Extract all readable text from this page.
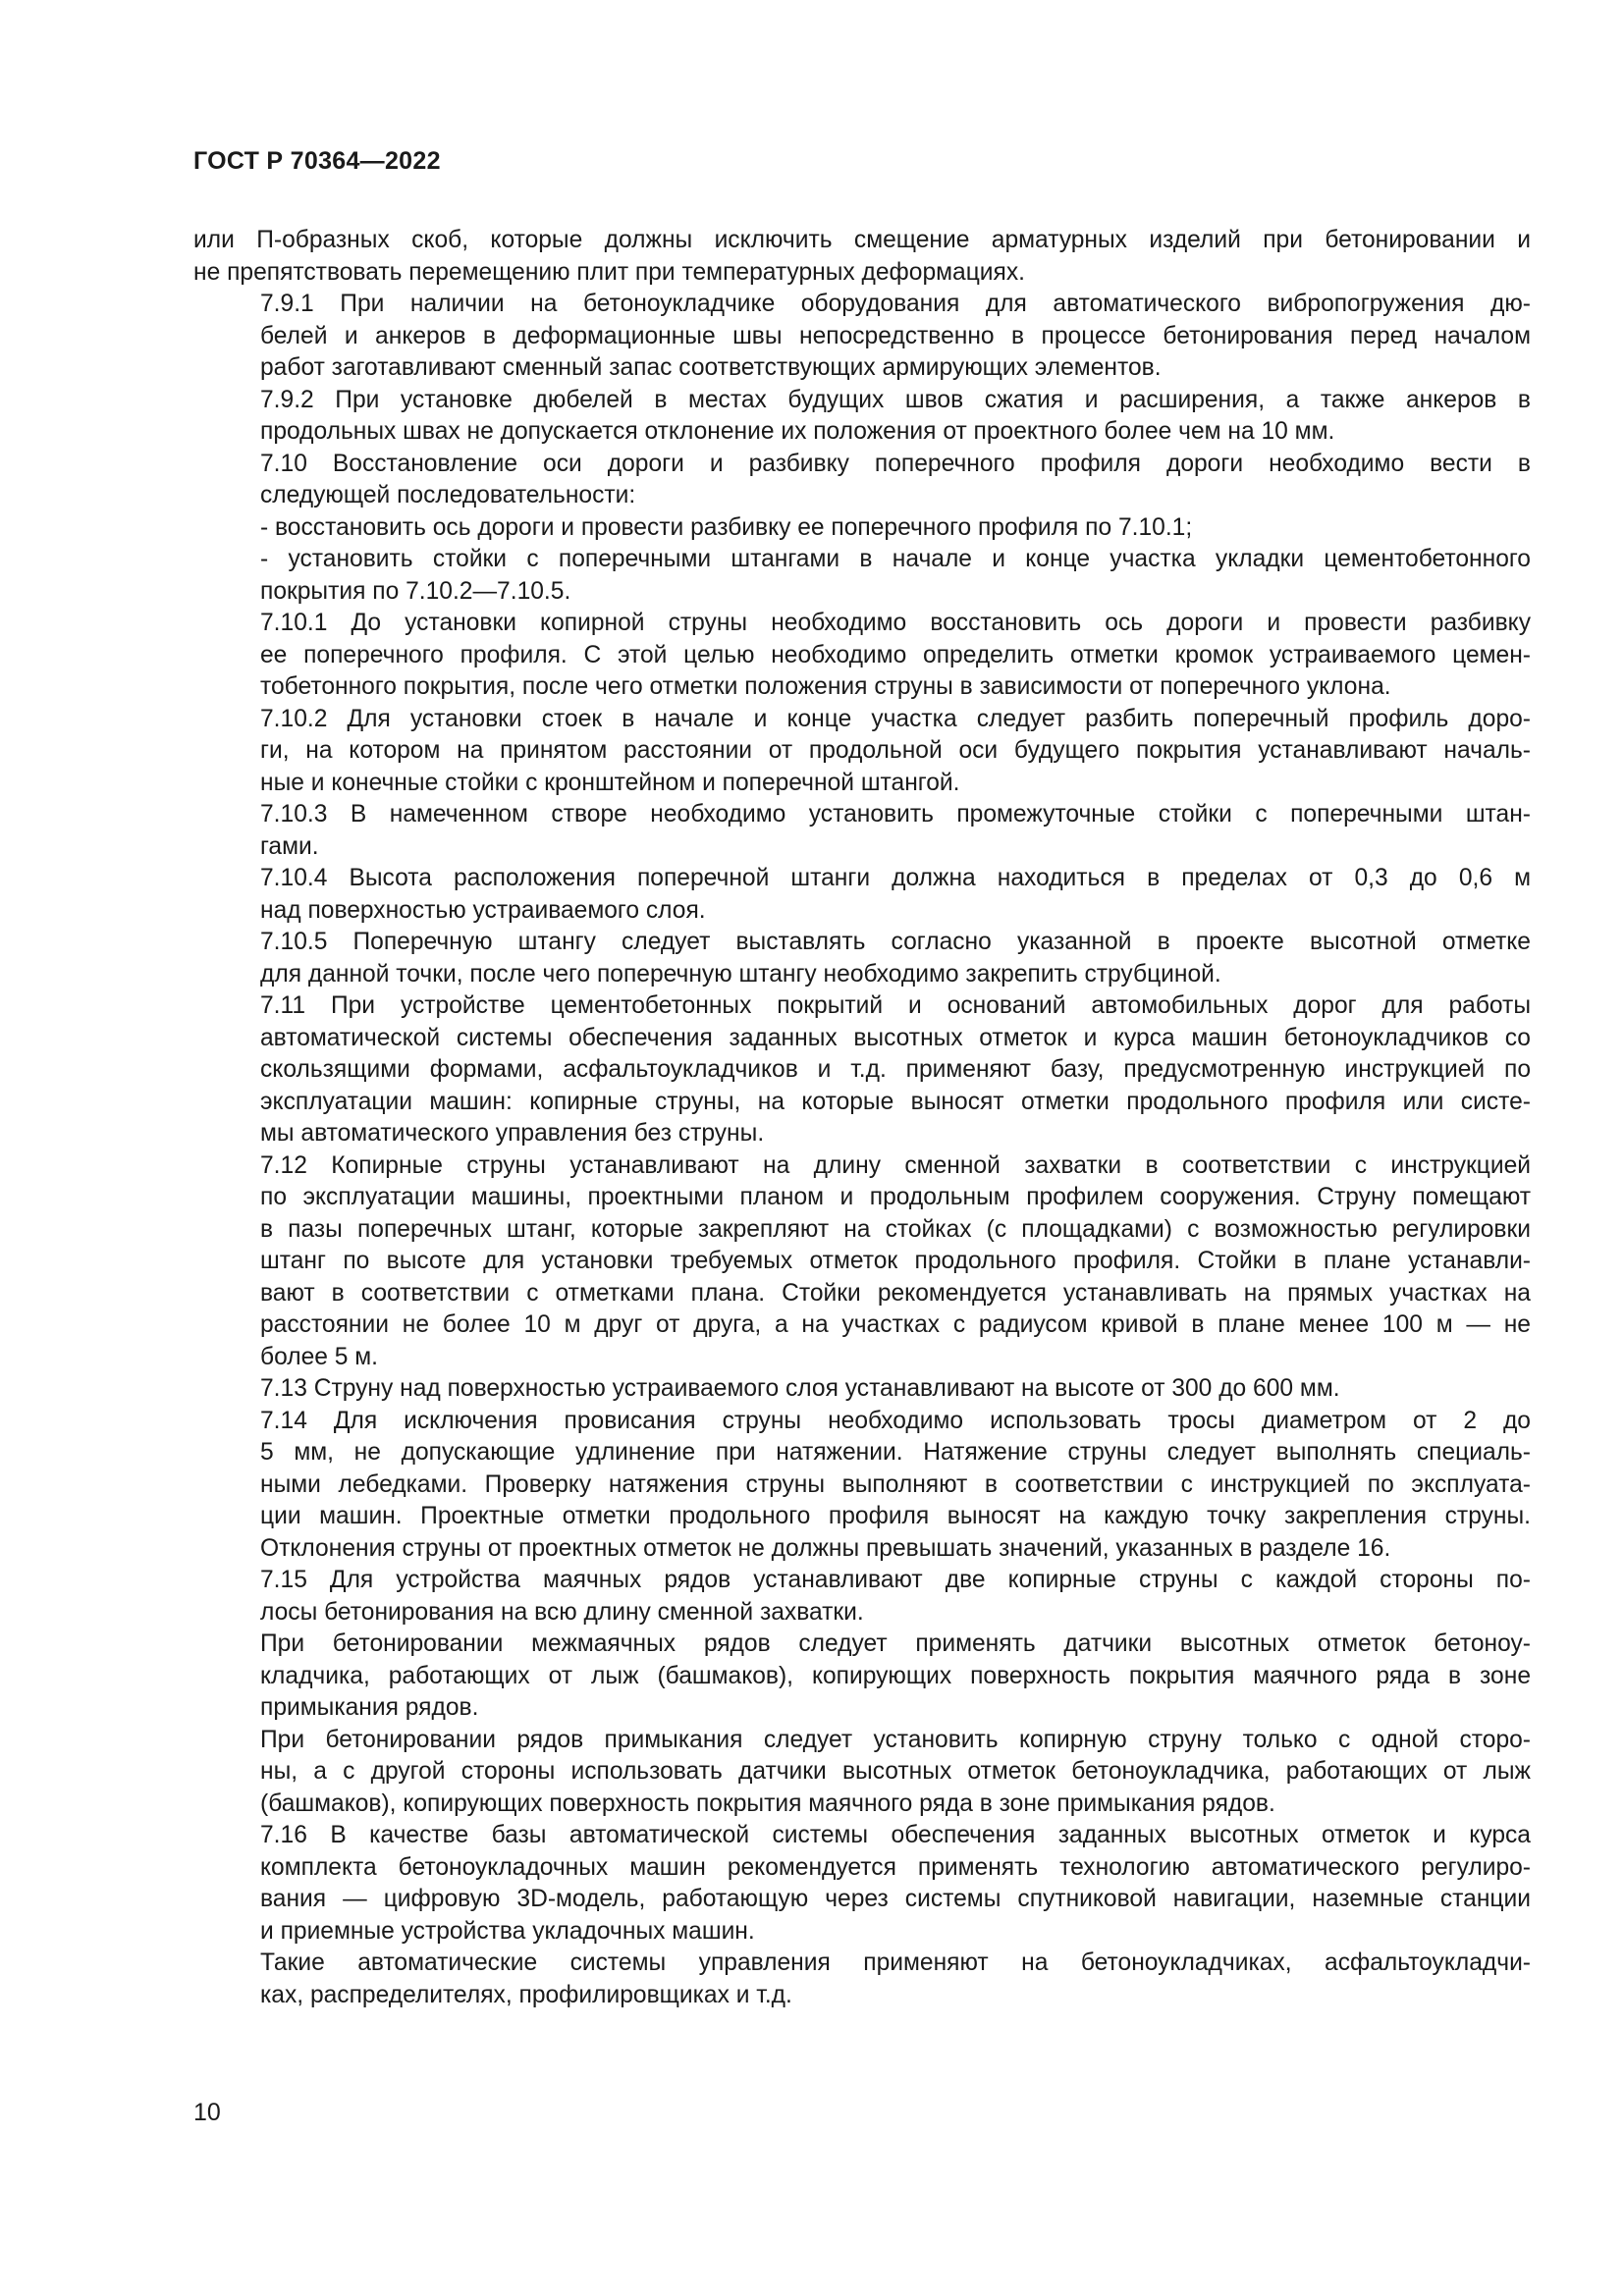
ГОСТ Р 70364—2022

или П-образных скоб, которые должны исключить смещение арматурных изделий при бетонировании и
не препятствовать перемещению плит при температурных деформациях.

7.9.1 При наличии на бетоноукладчике оборудования для автоматического вибропогружения дю-
белей и анкеров в деформационные швы непосредственно в процессе бетонирования перед началом
работ заготавливают сменный запас соответствующих армирующих элементов.

7.9.2 При установке дюбелей в местах будущих швов сжатия и расширения, а также анкеров в
продольных швах не допускается отклонение их положения от проектного более чем на 10 мм.

7.10 Восстановление оси дороги и разбивку поперечного профиля дороги необходимо вести в
следующей последовательности:

- восстановить ось дороги и провести разбивку ее поперечного профиля по 7.10.1;

- установить стойки с поперечными штангами в начале и конце участка укладки цементобетонного
покрытия по 7.10.2—7.10.5.

7.10.1 До установки копирной струны необходимо восстановить ось дороги и провести разбивку
ее поперечного профиля. С этой целью необходимо определить отметки кромок устраиваемого цемен-
тобетонного покрытия, после чего отметки положения струны в зависимости от поперечного уклона.

7.10.2 Для установки стоек в начале и конце участка следует разбить поперечный профиль доро-
ги, на котором на принятом расстоянии от продольной оси будущего покрытия устанавливают началь-
ные и конечные стойки с кронштейном и поперечной штангой.

7.10.3 В намеченном створе необходимо установить промежуточные стойки с поперечными штан-
гами.

7.10.4 Высота расположения поперечной штанги должна находиться в пределах от 0,3 до 0,6 м
над поверхностью устраиваемого слоя.

7.10.5 Поперечную штангу следует выставлять согласно указанной в проекте высотной отметке
для данной точки, после чего поперечную штангу необходимо закрепить струбциной.

7.11 При устройстве цементобетонных покрытий и оснований автомобильных дорог для работы
автоматической системы обеспечения заданных высотных отметок и курса машин бетоноукладчиков со
скользящими формами, асфальтоукладчиков и т.д. применяют базу, предусмотренную инструкцией по
эксплуатации машин: копирные струны, на которые выносят отметки продольного профиля или систе-
мы автоматического управления без струны.

7.12 Копирные струны устанавливают на длину сменной захватки в соответствии с инструкцией
по эксплуатации машины, проектными планом и продольным профилем сооружения. Струну помещают
в пазы поперечных штанг, которые закрепляют на стойках (с площадками) с возможностью регулировки
штанг по высоте для установки требуемых отметок продольного профиля. Стойки в плане устанавли-
вают в соответствии с отметками плана. Стойки рекомендуется устанавливать на прямых участках на
расстоянии не более 10 м друг от друга, а на участках с радиусом кривой в плане менее 100 м — не
более 5 м.

7.13 Струну над поверхностью устраиваемого слоя устанавливают на высоте от 300 до 600 мм.

7.14 Для исключения провисания струны необходимо использовать тросы диаметром от 2 до
5 мм, не допускающие удлинение при натяжении. Натяжение струны следует выполнять специаль-
ными лебедками. Проверку натяжения струны выполняют в соответствии с инструкцией по эксплуата-
ции машин. Проектные отметки продольного профиля выносят на каждую точку закрепления струны.
Отклонения струны от проектных отметок не должны превышать значений, указанных в разделе 16.

7.15 Для устройства маячных рядов устанавливают две копирные струны с каждой стороны по-
лосы бетонирования на всю длину сменной захватки.

При бетонировании межмаячных рядов следует применять датчики высотных отметок бетоноу-
кладчика, работающих от лыж (башмаков), копирующих поверхность покрытия маячного ряда в зоне
примыкания рядов.

При бетонировании рядов примыкания следует установить копирную струну только с одной сторо-
ны, а с другой стороны использовать датчики высотных отметок бетоноукладчика, работающих от лыж
(башмаков), копирующих поверхность покрытия маячного ряда в зоне примыкания рядов.

7.16 В качестве базы автоматической системы обеспечения заданных высотных отметок и курса
комплекта бетоноукладочных машин рекомендуется применять технологию автоматического регулиро-
вания — цифровую 3D-модель, работающую через системы спутниковой навигации, наземные станции
и приемные устройства укладочных машин.

Такие автоматические системы управления применяют на бетоноукладчиках, асфальтоукладчи-
ках, распределителях, профилировщиках и т.д.

10
